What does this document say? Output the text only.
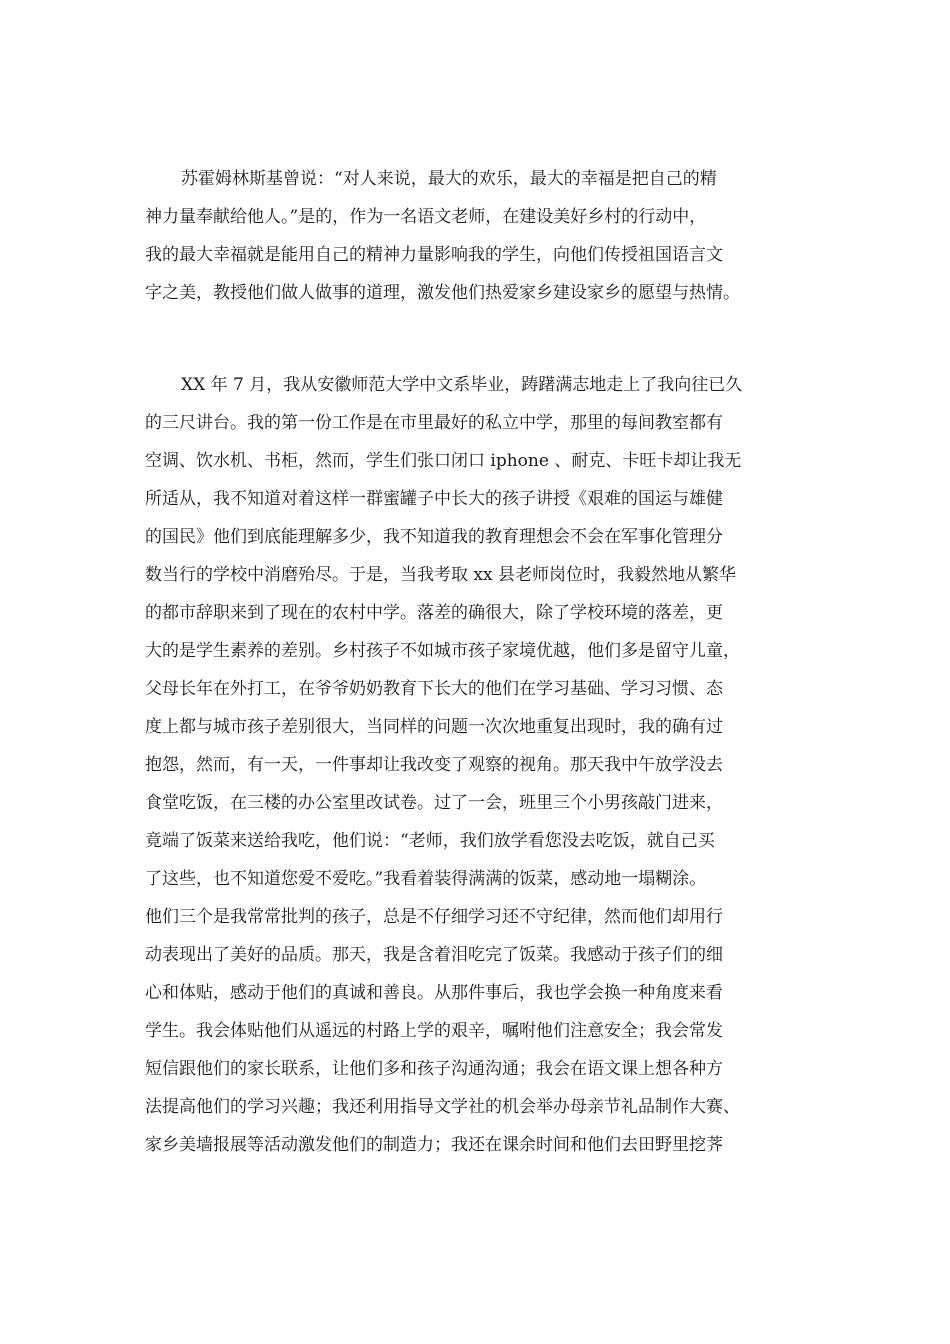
苏霍姆林斯基曾说：“对人来说，最大的欢乐，最大的幸福是把自己的精
神力量奉献给他人。”是的，作为一名语文老师，在建设美好乡村的行动中，
我的最大幸福就是能用自己的精神力量影响我的学生，向他们传授祖国语言文
字之美，教授他们做人做事的道理，激发他们热爱家乡建设家乡的愿望与热情。
XX 年 7 月，我从安徽师范大学中文系毕业，踌躇满志地走上了我向往已久
的三尺讲台。我的第一份工作是在市里最好的私立中学，那里的每间教室都有
空调、饮水机、书柜，然而，学生们张口闭口 iphone 、耐克、卡旺卡却让我无
所适从，我不知道对着这样一群蜜罐子中长大的孩子讲授《艰难的国运与雄健
的国民》他们到底能理解多少，我不知道我的教育理想会不会在军事化管理分
数当行的学校中消磨殆尽。于是，当我考取 xx 县老师岗位时，我毅然地从繁华
的都市辞职来到了现在的农村中学。落差的确很大，除了学校环境的落差，更
大的是学生素养的差别。乡村孩子不如城市孩子家境优越，他们多是留守儿童，
父母长年在外打工，在爷爷奶奶教育下长大的他们在学习基础、学习习惯、态
度上都与城市孩子差别很大，当同样的问题一次次地重复出现时，我的确有过
抱怨，然而，有一天，一件事却让我改变了观察的视角。那天我中午放学没去
食堂吃饭，在三楼的办公室里改试卷。过了一会，班里三个小男孩敲门进来，
竟端了饭菜来送给我吃，他们说：“老师，我们放学看您没去吃饭，就自己买
了这些，也不知道您爱不爱吃。”我看着装得满满的饭菜，感动地一塌糊涂。
他们三个是我常常批判的孩子，总是不仔细学习还不守纪律，然而他们却用行
动表现出了美好的品质。那天，我是含着泪吃完了饭菜。我感动于孩子们的细
心和体贴，感动于他们的真诚和善良。从那件事后，我也学会换一种角度来看
学生。我会体贴他们从遥远的村路上学的艰辛，嘱咐他们注意安全；我会常发
短信跟他们的家长联系，让他们多和孩子沟通沟通；我会在语文课上想各种方
法提高他们的学习兴趣；我还利用指导文学社的机会举办母亲节礼品制作大赛、
家乡美墙报展等活动激发他们的制造力；我还在课余时间和他们去田野里挖荠
